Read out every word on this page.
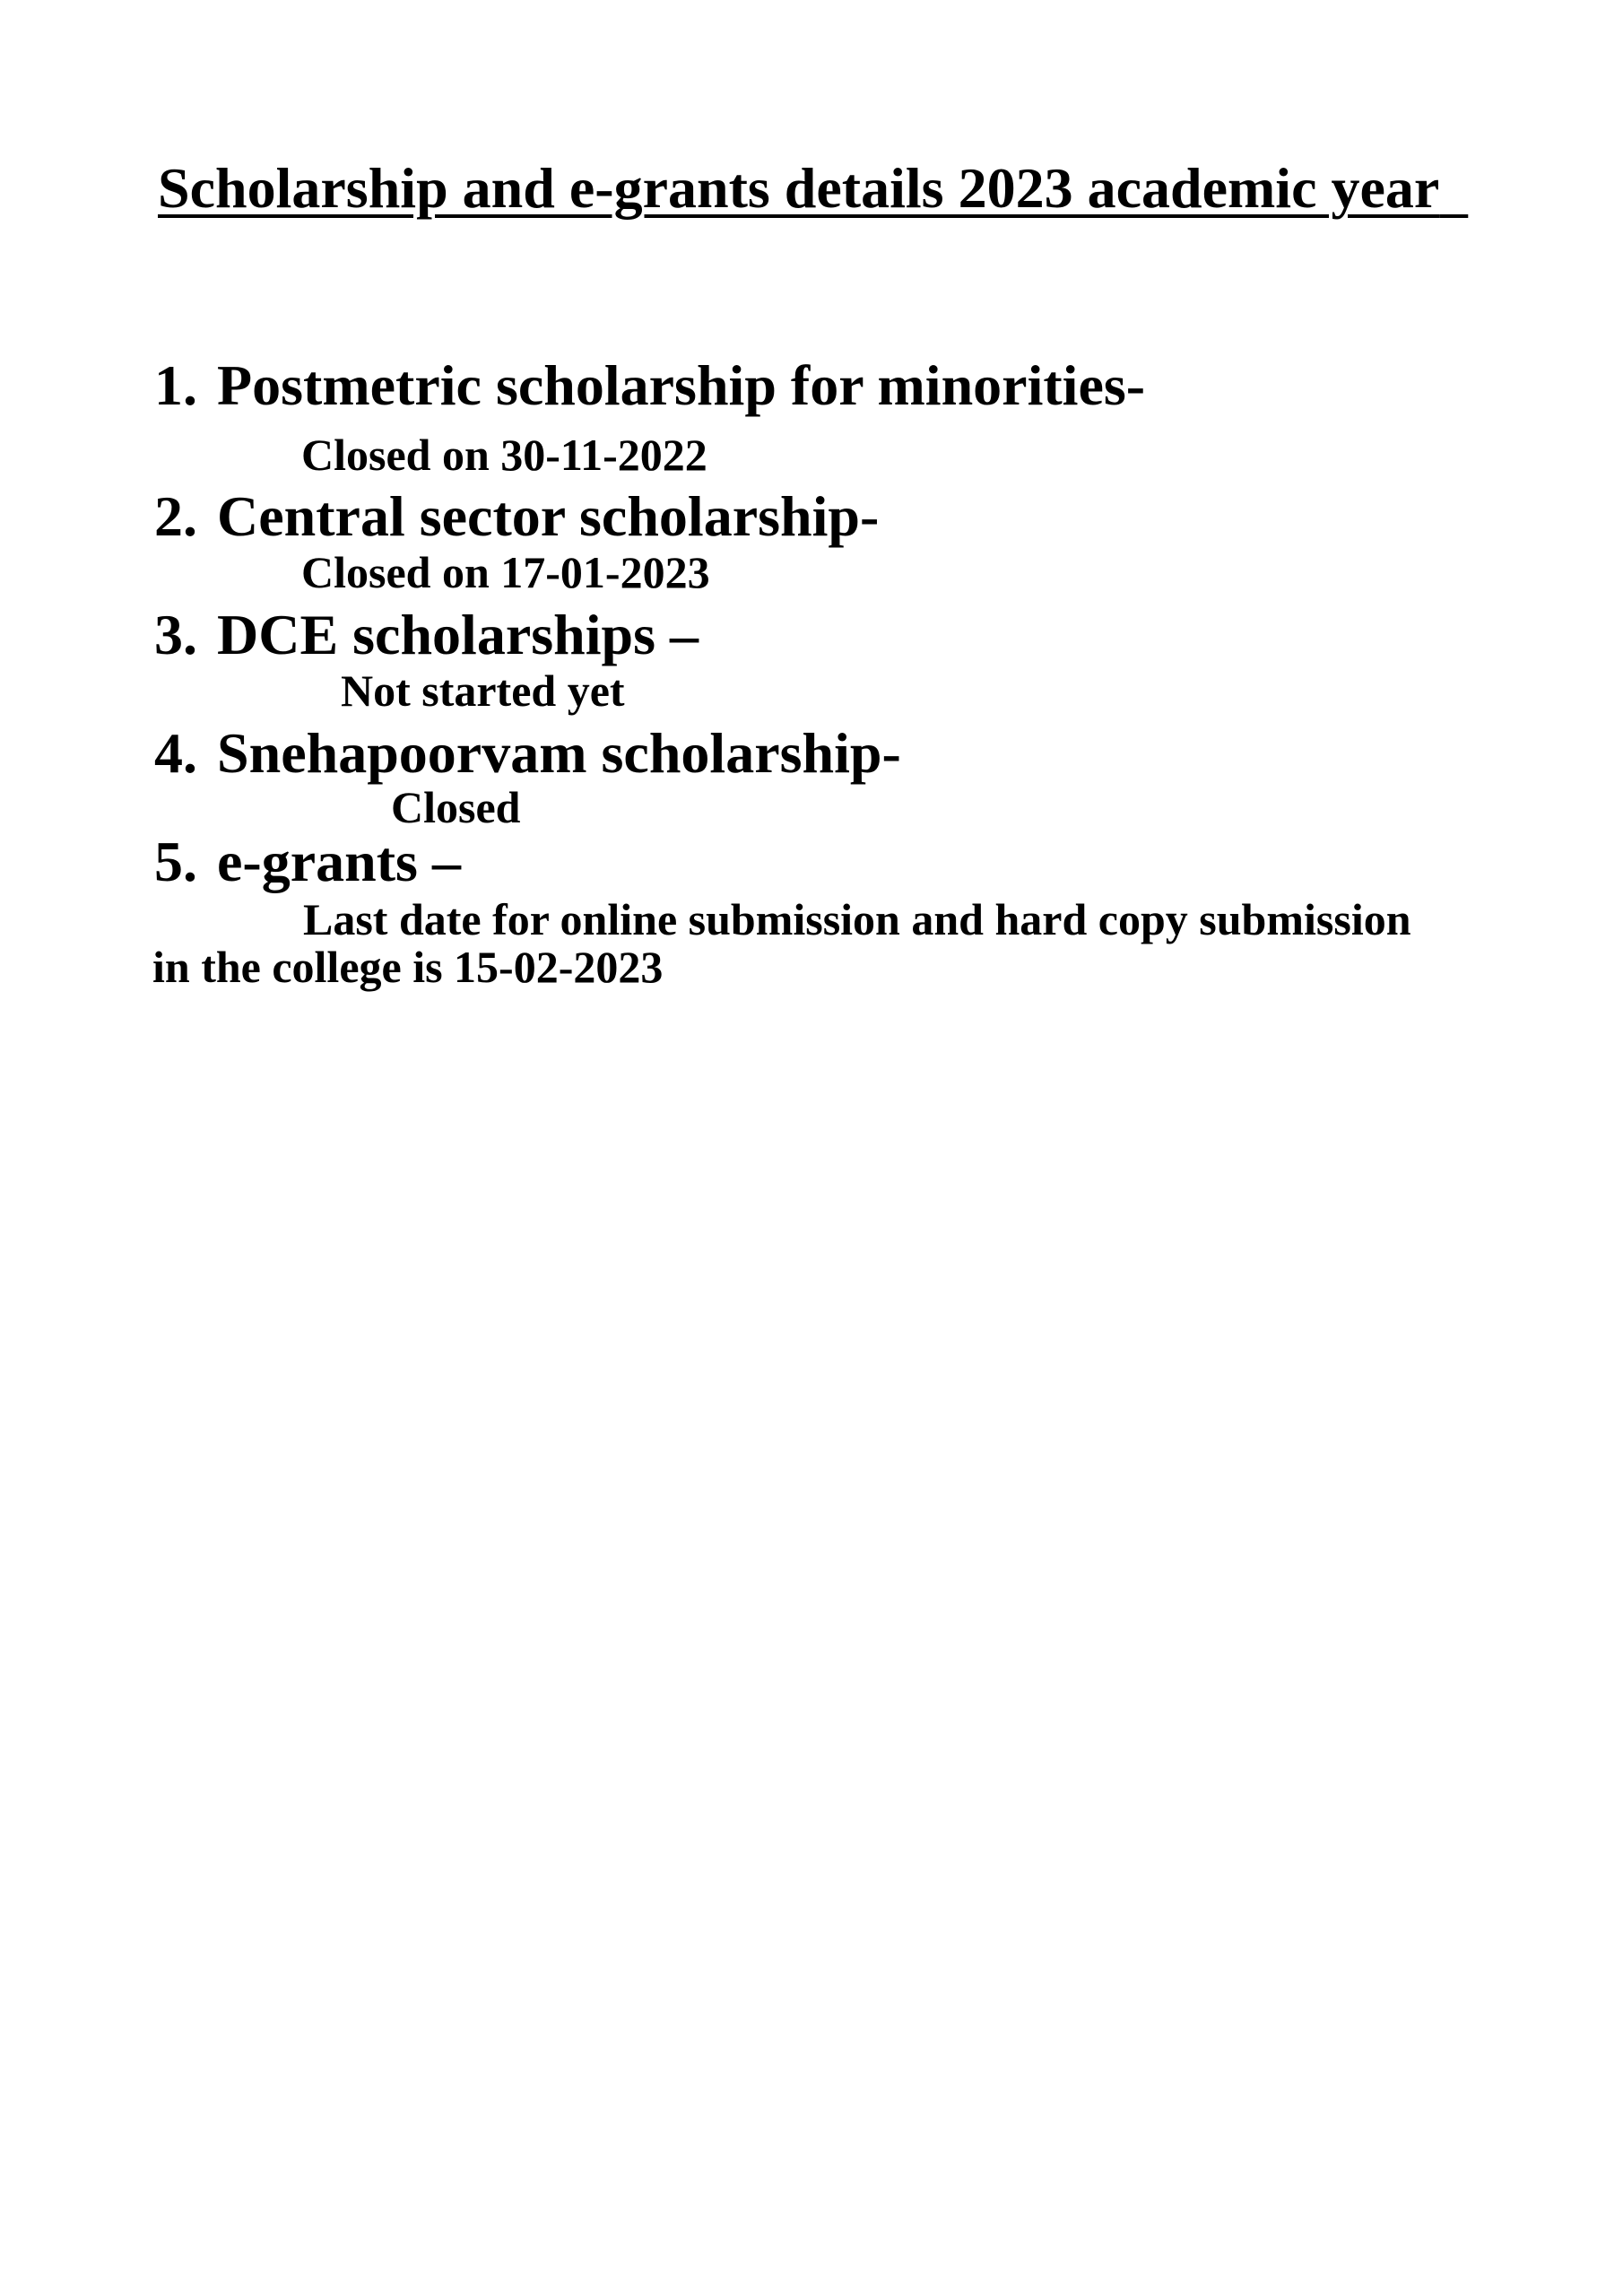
Scholarship and e-grants details 2023 academic year
1. Postmetric scholarship for minorities-
Closed on 30-11-2022
2. Central sector scholarship-
Closed on 17-01-2023
3. DCE scholarships –
Not started yet
4. Snehapoorvam scholarship-
Closed
5. e-grants –
Last date for online submission and hard copy submission
in the college is 15-02-2023
